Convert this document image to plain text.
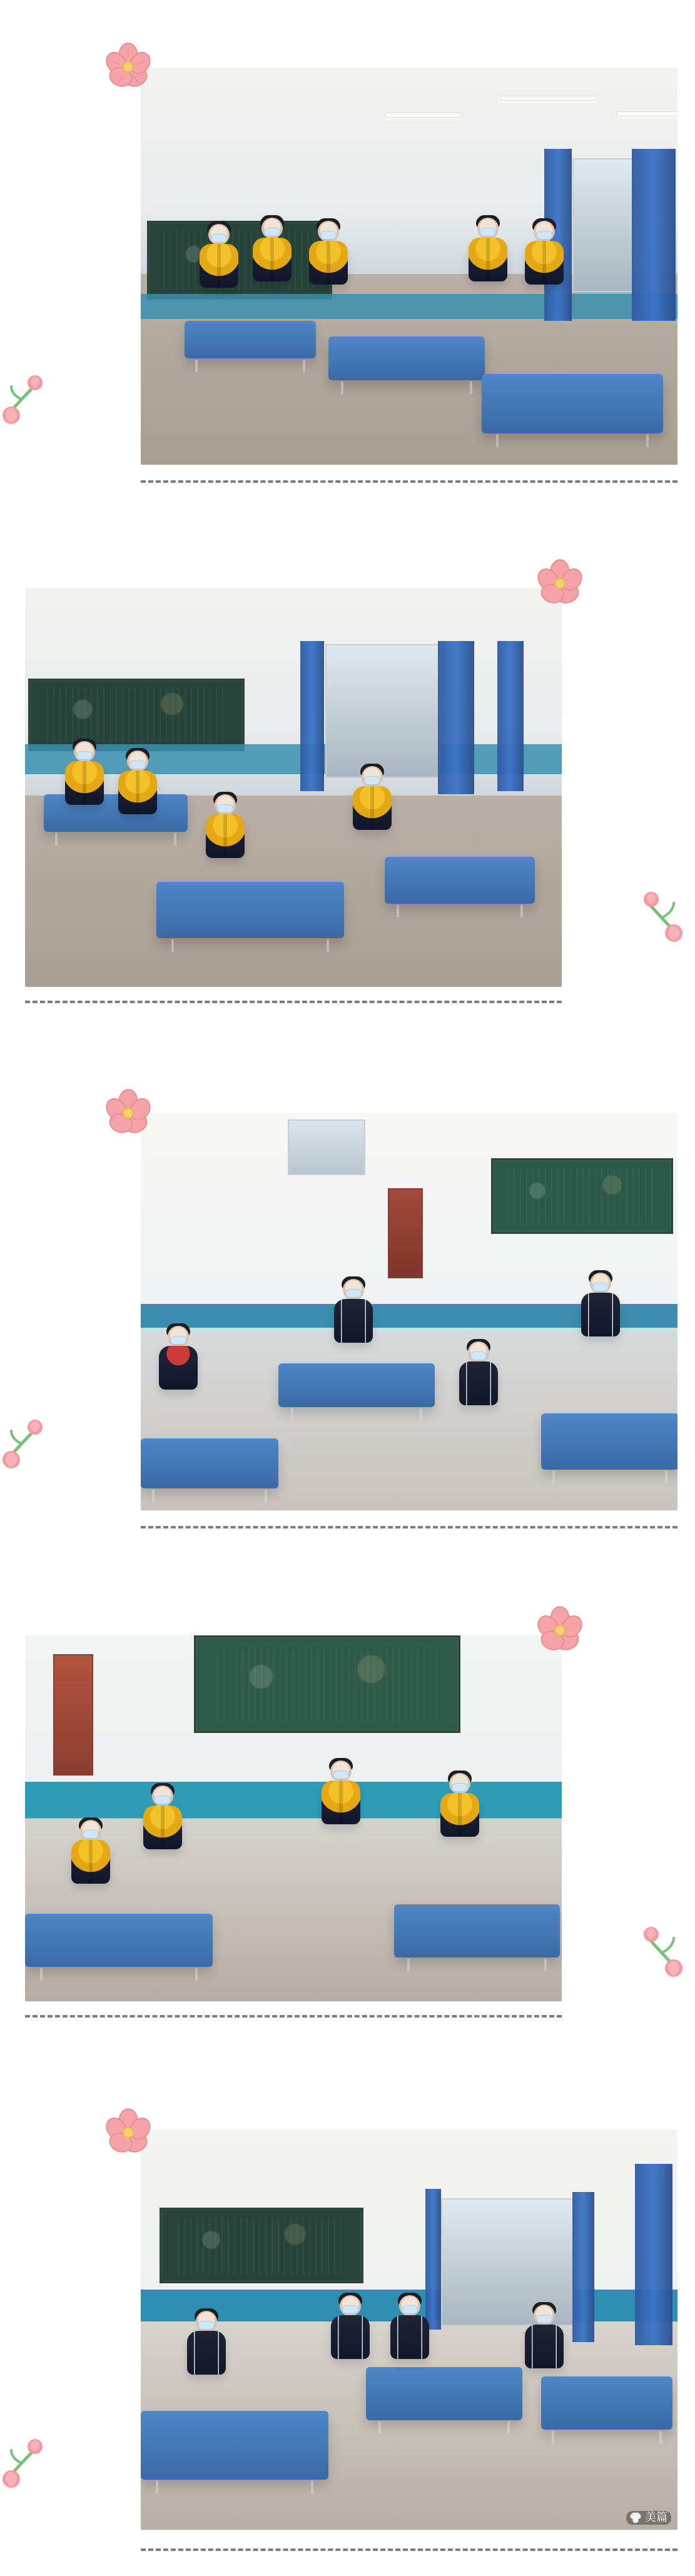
美篇
